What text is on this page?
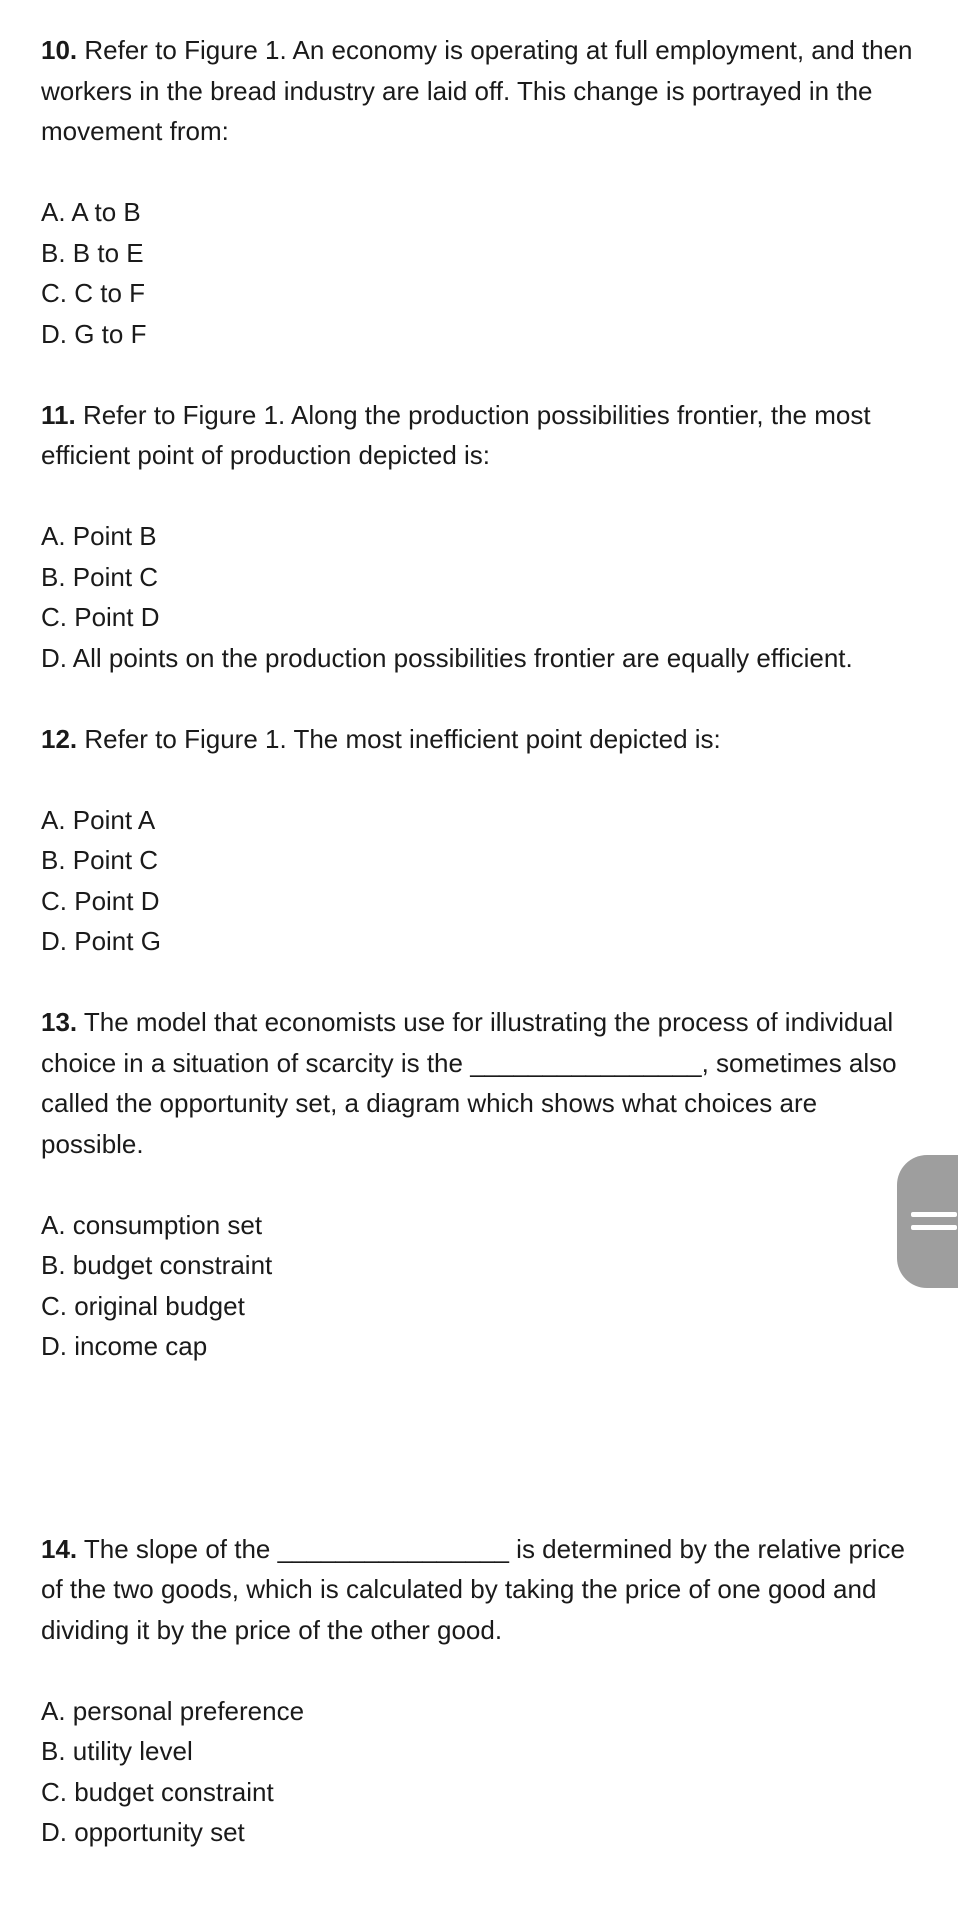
10. Refer to Figure 1. An economy is operating at full employment, and then workers in the bread industry are laid off. This change is portrayed in the movement from:

A. A to B
B. B to E
C. C to F
D. G to F

11. Refer to Figure 1. Along the production possibilities frontier, the most efficient point of production depicted is:

A. Point B
B. Point C
C. Point D
D. All points on the production possibilities frontier are equally efficient.

12. Refer to Figure 1. The most inefficient point depicted is:

A. Point A
B. Point C
C. Point D
D. Point G

13. The model that economists use for illustrating the process of individual choice in a situation of scarcity is the ________________, sometimes also called the opportunity set, a diagram which shows what choices are possible.

A. consumption set
B. budget constraint
C. original budget
D. income cap

14. The slope of the ________________ is determined by the relative price of the two goods, which is calculated by taking the price of one good and dividing it by the price of the other good.

A. personal preference
B. utility level
C. budget constraint
D. opportunity set
